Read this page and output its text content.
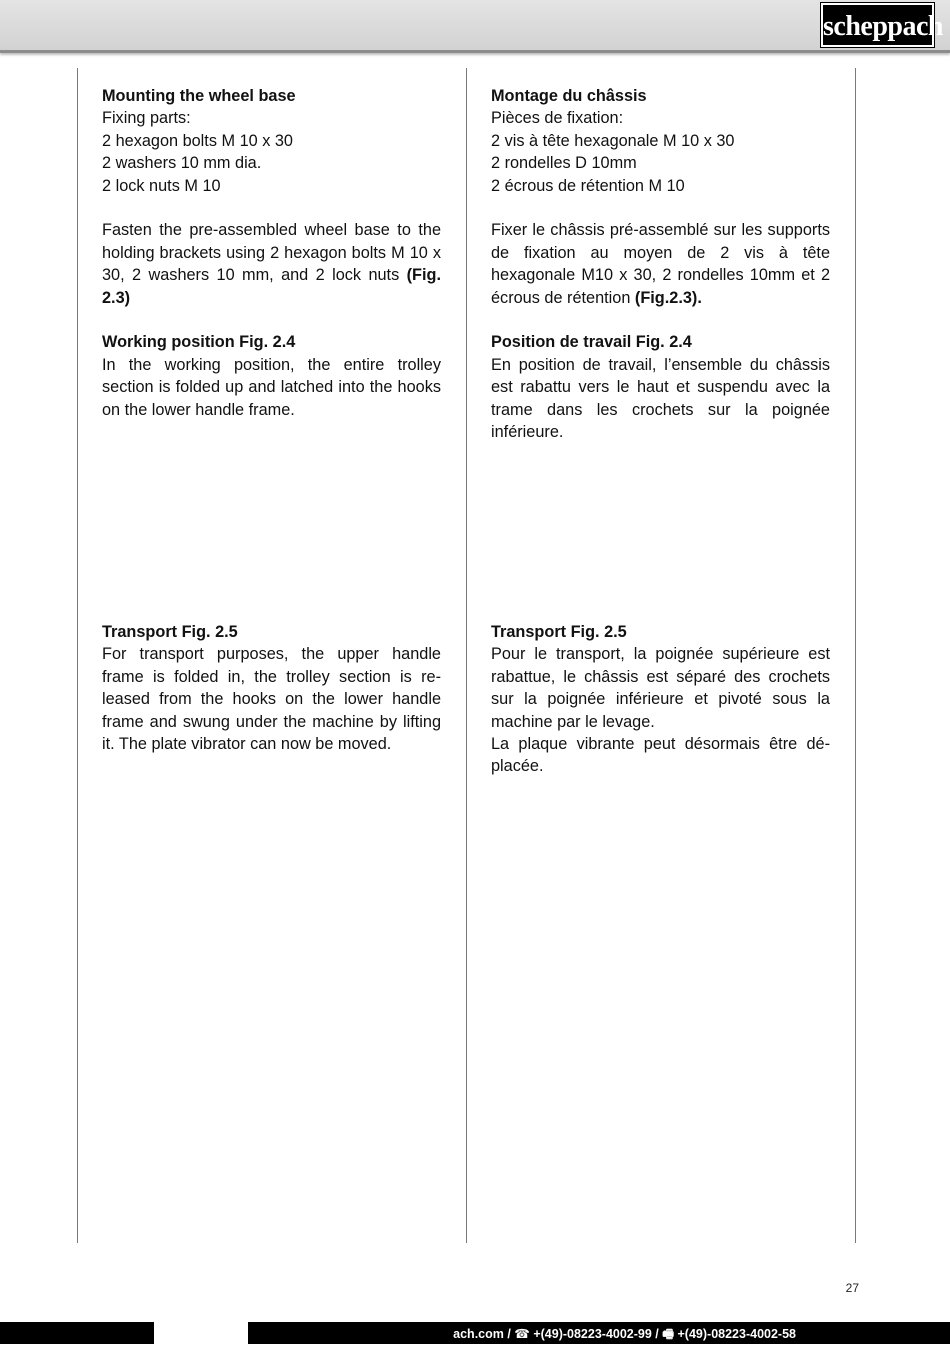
scheppach
Mounting the wheel base
Fixing parts:
2 hexagon bolts M 10 x 30
2 washers 10 mm dia.
2 lock nuts M 10

Fasten the pre-assembled wheel base to the holding brackets using 2 hexagon bolts M 10 x 30, 2 washers 10 mm, and 2 lock nuts (Fig. 2.3)

Working position Fig. 2.4

In the working position, the entire trolley section is folded up and latched into the hooks on the lower handle frame.

Montage du châssis
Pièces de fixation:
2 vis à tête hexagonale M 10 x 30
2 rondelles D 10mm
2 écrous de rétention M 10

Fixer le châssis pré-assemblé sur les supports de fixation au moyen de 2 vis à tête hexagonale M10 x 30, 2 rondelles 10mm et 2 écrous de rétention (Fig.2.3).

Position de travail Fig. 2.4

En position de travail, l’ensemble du châssis est rabattu vers le haut et suspendu avec la trame dans les crochets sur la poignée inférieure.

Transport Fig. 2.5

For transport purposes, the upper handle frame is folded in, the trolley section is released from the hooks on the lower handle frame and swung under the machine by lifting it. The plate vibrator can now be moved.

Transport Fig. 2.5

Pour le transport, la poignée supérieure est rabattue, le châssis est séparé des crochets sur la poignée inférieure et pivoté sous la machine par le levage.

La plaque vibrante peut désormais être déplacée.

27
ach.com / ☎ +(49)-08223-4002-99 / 🖷 +(49)-08223-4002-58
